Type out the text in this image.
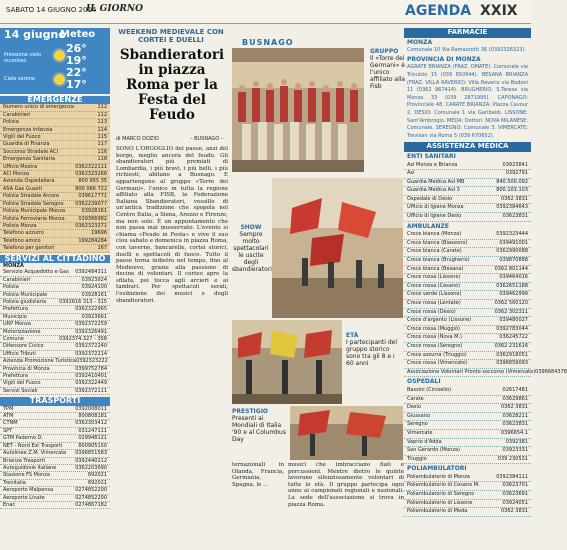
SABATO 14 GIUGNO 2014
IL GIORNO	AGENDA XXIX
14 giugno
Meteo
Pressione cielo nuvoloso
26°
19°
Cielo sereno	22°
17°
EMERGENZE
Numero unico di emergenza	112
Carabinieri	112
Polizia	113
Emergenza infanzia	114
Vigili del Fuoco	115
Guardia di Finanza	117
Soccorso Stradale ACI	116
Emergenza Sanitaria	118
Ufficio Mostra	0362322111
ACI Monza	0362323266
Azienda Ospedaliera	800 955 35
ASA Gas Guasti	800 066 722
Polizia Stradale Arcore	039617771
Polizia Stradale Seregno 0362239077
Polizia Municipale Monza	03928161
Polizia Ferroviaria Monza	039366982
Polizia Monza	0362323271
Telefono azzurro	19696
Telefono amico	199284284
Telefono per genitori	167
SERVIZI AL CITTADINO
MONZA
Servizio Acquedotto e Gas 0392484311
Carabinieri	03923924
Polizia	03924100
Polizia Municipale	03928161
Polizia giudiziaria	0392816 313 - 315
Prefettura	0362322965
Municipio	03923661
URP Monza	0392372259
Motorizzazione	0392326491
Comune	0392374.327 - 358
Difensore Civico	0392372240
Ufficio Tributi	0392372214
Azienda Promozione Turistica 0392323222
Provincia di Monza	0399752784
Prefettura	0392410401
Vigili del Fuoco	0392322449
Servizi Sociali	0392372111
TRASPORTI
TPM	0392008011
ATM	800808181
CTNM	0362303412
SPT	031247111
GTM Paderno D.	029948121
NET - Nord Est Trasporti	800905150
Autolinee Z.M. Vimercate 0396851583
Brianza Trasporti	0392440212
Autoguidovie Italiane	0362203690
Stazione FS Monza	892021
Trenitalia	892021
Aeroporto Malpensa	0274852200
Aeroporto Linate	0274852200
Enac	0274867182
WEEKEND MEDIEVALE CON CORTEI E DUELLI	BUSNAGO
Sbandieratori in piazza Roma per la Festa del Feudo
di MARCO DOZIO	– BUSNAGO –
SONO L'ORGOGLIO del paese, anzi del borgo, meglio ancora del feudo. Gli sbandieratori più premiati di Lombardia, i più bravi, i più belli, i più richiesti, abitano a Busnago. E appartengono al gruppo «Torre dei Germani», l'unico in tutta la regione affiliato alla FISB, la Federazione Italiana Sbandieratori, vessillo di un'antica tradizione che spopola nel Centro Italia, a Siena, Arezzo e Firenze, ma non solo. È un appuntamento che non passa mai inosservato. L'evento si chiama «Feudo in Festa» e vive il suo clou sabato e domenica in piazza Roma, con taverne, bancarelle, cortei storici, duelli e spettacoli di fuoco. Tutto il paese torna indietro nel tempo, fino al Medioevo, grazie alla passione di decine di volontari. Il corteo apre la sfilata, poi tocca agli arcieri e ai tamburi. Per spettacoli serali, l'esibizione dei musici e degli sbandieratori.
GRUPPO
Il «Torre dei Germani» è l'unico affiliato alla Fisb
SHOW
Sempre molto spettacolari le uscite degli sbandieratori
ETÀ
I partecipanti del gruppo storico sono tra gli 8 e i 60 anni
PRESTIGIO
Presenti ai Mondiali di Italia '90 e al Columbus Day
ternazionali in Olanda, Francia, Germania, Spagna, le ...
musici che imbracciano fiati e percussioni. Mentre dietro le quinte lavorano silenziosamente volontari di tutte le età. Il gruppo partecipa ogni anno ai campionati regionali e nazionali. La sede dell'associazione si trova in piazza Roma.
FARMACIE
MONZA
Comunale 10 Via Ramazzotti 36 (0392326323).
PROVINCIA DI MONZA
AGRATE BRIANZA (FRAZ. OMATE): Comunale via Trivulzio 15 (039 650944). BESANA BRIANZA (FRAZ. VILLA RAVERIO): Villa Raverio via Bodoni 11 (0362 967414). BRUGHERIO: S.Teresa via Monza 33 (039 2871995). CAPONAGO: Provinciale 48. CARATE BRIANZA: Piazza Cavour 2. DESIO: Comunale 1 via Garibaldi. LISSONE: Sant'Ambrogio. MEDA: Dottori. NOVA MILANESE: Comunale. SEREGNO: Comunale 3. VIMERCATE: Trevisan via Roma 5 (039 670652).
ASSISTENZA MEDICA
ENTI SANITARI
Asl Monza e Brianza	03923841
Asl	0392791
Guardia Medica Asl MB	840.500.092
Guardia Medica Asl 3	800.103.103
Ospedale di Desio	0362 3831
Ufficio di Igiene Monza	0392384643
Ufficio di Igiene Desio	03623831
AMBULANZE
Croce bianca (Monza)	0392323444
Croce bianca (Biassono)	039491001
Croce bianca (Carate)	0362990088
Croce bianca (Brugherio)	039870888
Croce bianca (Besana)	0362 801144
Croce rossa (Lissone)	039464016
Croce rossa (Cesano)	0362651188
Croce verde (Lissone)	039462999
Croce rossa (Lentate)	0362 560120
Croce rossa (Desio)	0362 302311
Croce d'argento (Lissone)	039480027
Croce rossa (Muggiò)	0392783044
Croce rossa (Nova M.)	036245722
Croce rossa (Seregno)	0362 231616
Croce azzurra (Triuggio)	0362918051
Croce rossa (Vimercate)	0396859093
Associazione Volontari Pronto soccorso (Vimercate) 0396684378
OSPEDALI
Bassini (Cinisello)	02617481
Carate	03629861
Desio	0362 3831
Giussano	03628211
Seregno	03623831
Vimercate	0396654.1
Vaprio d'Adda	0392381
San Gerardo (Monza)	03923331
Triuggio	039 230531
POLIAMBULATORI
Poliambulatorio di Monza	0392384111
Poliambulatorio di Cesano M.	03623701
Poliambulatorio di Seregno	03623691
Poliambulatorio di Lissone	03924051
Poliambulatorio di Meda	0362 3831
